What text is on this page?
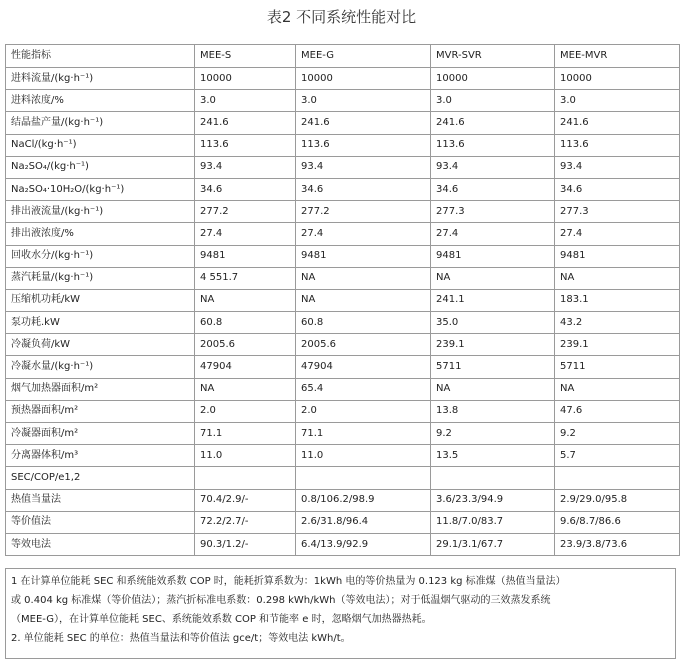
表2 不同系统性能对比
性能指标	MEE-S	MEE-G	MVR-SVR	MEE-MVR
进料流量/(kg·h⁻¹)	10000	10000	10000	10000
进料浓度/%	3.0	3.0	3.0	3.0
结晶盐产量/(kg·h⁻¹)	241.6	241.6	241.6	241.6
NaCl/(kg·h⁻¹)	113.6	113.6	113.6	113.6
Na₂SO₄/(kg·h⁻¹)	93.4	93.4	93.4	93.4
Na₂SO₄·10H₂O/(kg·h⁻¹)	34.6	34.6	34.6	34.6
排出液流量/(kg·h⁻¹)	277.2	277.2	277.3	277.3
排出液浓度/%	27.4	27.4	27.4	27.4
回收水分/(kg·h⁻¹)	9481	9481	9481	9481
蒸汽耗量/(kg·h⁻¹)	4 551.7	NA	NA	NA
压缩机功耗/kW	NA	NA	241.1	183.1
泵功耗.kW	60.8	60.8	35.0	43.2
冷凝负荷/kW	2005.6	2005.6	239.1	239.1
冷凝水量/(kg·h⁻¹)	47904	47904	5711	5711
烟气加热器面积/m²	NA	65.4	NA	NA
预热器面积/m²	2.0	2.0	13.8	47.6
冷凝器面积/m²	71.1	71.1	9.2	9.2
分离器体积/m³	11.0	11.0	13.5	5.7
SEC/COP/e1,2				
热值当量法	70.4/2.9/-	0.8/106.2/98.9	3.6/23.3/94.9	2.9/29.0/95.8
等价值法	72.2/2.7/-	2.6/31.8/96.4	11.8/7.0/83.7	9.6/8.7/86.6
等效电法	90.3/1.2/-	6.4/13.9/92.9	29.1/3.1/67.7	23.9/3.8/73.6

1 在计算单位能耗 SEC 和系统能效系数 COP 时，能耗折算系数为：1kWh 电的等价热量为 0.123 kg 标准煤（热值当量法）

或 0.404 kg 标准煤（等价值法）；蒸汽折标准电系数：0.298 kWh/kWh（等效电法）；对于低温烟气驱动的三效蒸发系统

（MEE-G），在计算单位能耗 SEC、系统能效系数 COP 和节能率 e 时，忽略烟气加热器热耗。

2. 单位能耗 SEC 的单位：热值当量法和等价值法 gce/t；等效电法 kWh/t。
